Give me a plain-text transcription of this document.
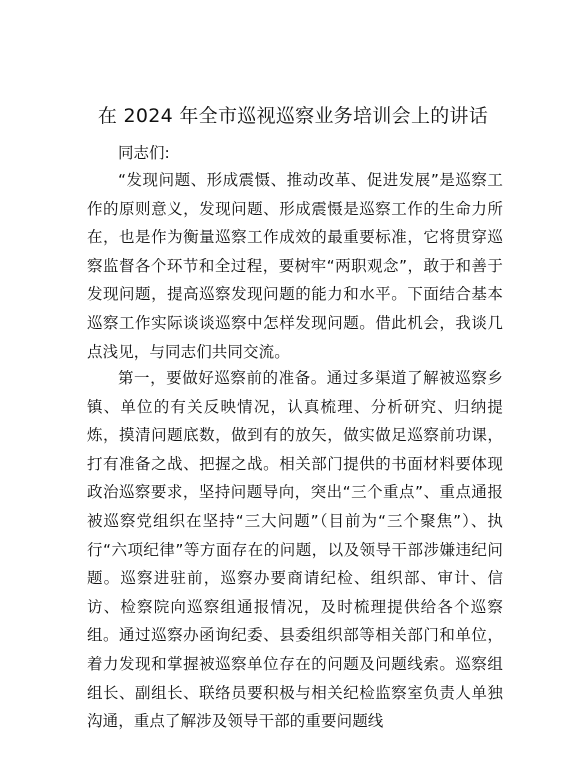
在 2024 年全市巡视巡察业务培训会上的讲话
同志们:

“发现问题、形成震慑、推动改革、促进发展”是巡察工作的原则意义，发现问题、形成震慑是巡察工作的生命力所在，也是作为衡量巡察工作成效的最重要标准，它将贯穿巡察监督各个环节和全过程，要树牢“两职观念”，敢于和善于发现问题，提高巡察发现问题的能力和水平。下面结合基本巡察工作实际谈谈巡察中怎样发现问题。借此机会，我谈几点浅见，与同志们共同交流。

第一，要做好巡察前的准备。通过多渠道了解被巡察乡镇、单位的有关反映情况，认真梳理、分析研究、归纳提炼，摸清问题底数，做到有的放矢，做实做足巡察前功课，打有准备之战、把握之战。相关部门提供的书面材料要体现政治巡察要求，坚持问题导向，突出“三个重点”、重点通报被巡察党组织在坚持“三大问题”（目前为“三个聚焦”）、执行“六项纪律”等方面存在的问题，以及领导干部涉嫌违纪问题。巡察进驻前，巡察办要商请纪检、组织部、审计、信访、检察院向巡察组通报情况，及时梳理提供给各个巡察组。通过巡察办函询纪委、县委组织部等相关部门和单位，着力发现和掌握被巡察单位存在的问题及问题线索。巡察组组长、副组长、联络员要积极与相关纪检监察室负责人单独沟通，重点了解涉及领导干部的重要问题线
